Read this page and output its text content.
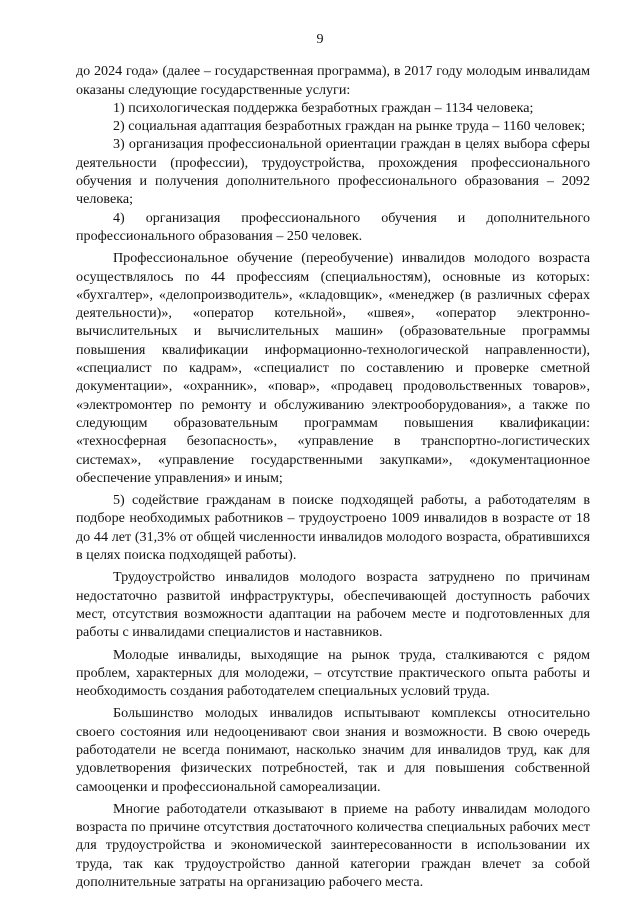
9

до 2024 года» (далее – государственная программа), в 2017 году молодым инвалидам оказаны следующие государственные услуги:

1) психологическая поддержка безработных граждан – 1134 человека;

2) социальная адаптация безработных граждан на рынке труда – 1160 человек;

3) организация профессиональной ориентации граждан в целях выбора сферы деятельности (профессии), трудоустройства, прохождения профессионального обучения и получения дополнительного профессионального образования – 2092 человека;

4) организация профессионального обучения и дополнительного профессионального образования – 250 человек.

Профессиональное обучение (переобучение) инвалидов молодого возраста осуществлялось по 44 профессиям (специальностям), основные из которых: «бухгалтер», «делопроизводитель», «кладовщик», «менеджер (в различных сферах деятельности)», «оператор котельной», «швея», «оператор электронно-вычислительных и вычислительных машин» (образовательные программы повышения квалификации информационно-технологической направленности), «специалист по кадрам», «специалист по составлению и проверке сметной документации», «охранник», «повар», «продавец продовольственных товаров», «электромонтер по ремонту и обслуживанию электрооборудования», а также по следующим образовательным программам повышения квалификации: «техносферная безопасность», «управление в транспортно-логистических системах», «управление государственными закупками», «документационное обеспечение управления» и иным;

5) содействие гражданам в поиске подходящей работы, а работодателям в подборе необходимых работников – трудоустроено 1009 инвалидов в возрасте от 18 до 44 лет (31,3% от общей численности инвалидов молодого возраста, обратившихся в целях поиска подходящей работы).

Трудоустройство инвалидов молодого возраста затруднено по причинам недостаточно развитой инфраструктуры, обеспечивающей доступность рабочих мест, отсутствия возможности адаптации на рабочем месте и подготовленных для работы с инвалидами специалистов и наставников.

Молодые инвалиды, выходящие на рынок труда, сталкиваются с рядом проблем, характерных для молодежи, – отсутствие практического опыта работы и необходимость создания работодателем специальных условий труда.

Большинство молодых инвалидов испытывают комплексы относительно своего состояния или недооценивают свои знания и возможности. В свою очередь работодатели не всегда понимают, насколько значим для инвалидов труд, как для удовлетворения физических потребностей, так и для повышения собственной самооценки и профессиональной самореализации.

Многие работодатели отказывают в приеме на работу инвалидам молодого возраста по причине отсутствия достаточного количества специальных рабочих мест для трудоустройства и экономической заинтересованности в использовании их труда, так как трудоустройство данной категории граждан влечет за собой дополнительные затраты на организацию рабочего места.
